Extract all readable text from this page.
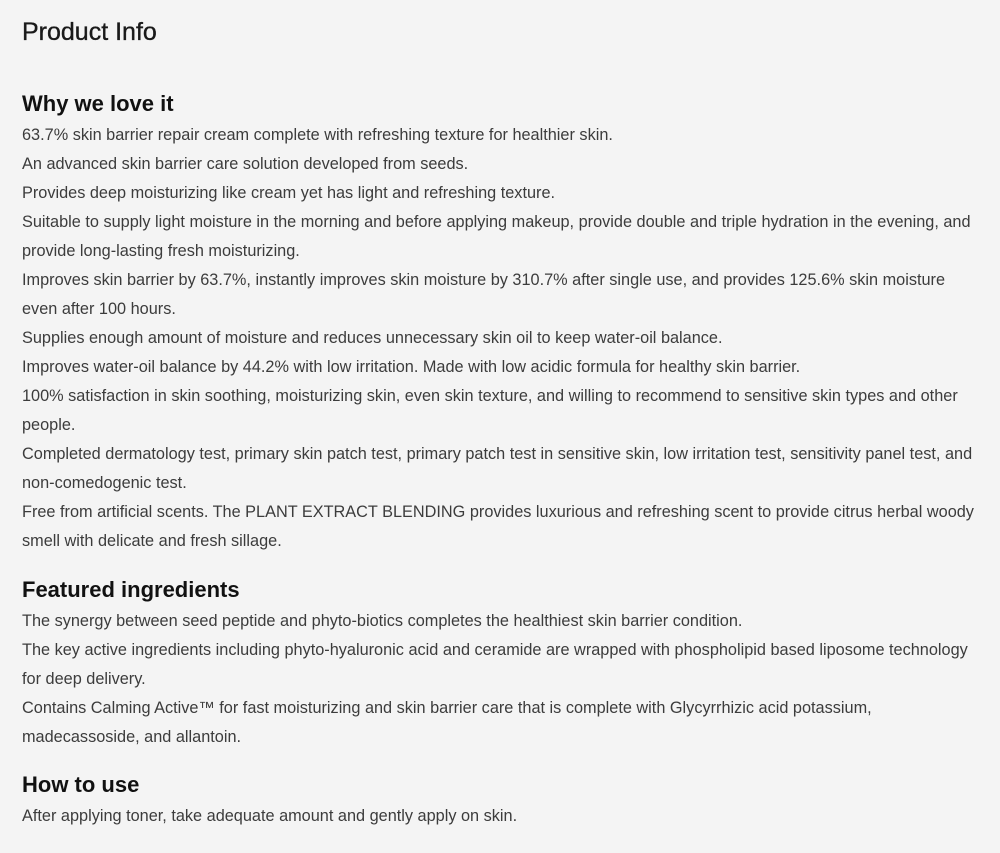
Product Info
Why we love it

63.7% skin barrier repair cream complete with refreshing texture for healthier skin.

An advanced skin barrier care solution developed from seeds.

Provides deep moisturizing like cream yet has light and refreshing texture.

Suitable to supply light moisture in the morning and before applying makeup, provide double and triple hydration in the evening, and provide long-lasting fresh moisturizing.

Improves skin barrier by 63.7%, instantly improves skin moisture by 310.7% after single use, and provides 125.6% skin moisture even after 100 hours.

Supplies enough amount of moisture and reduces unnecessary skin oil to keep water-oil balance.

Improves water-oil balance by 44.2% with low irritation. Made with low acidic formula for healthy skin barrier.

100% satisfaction in skin soothing, moisturizing skin, even skin texture, and willing to recommend to sensitive skin types and other people.

Completed dermatology test, primary skin patch test, primary patch test in sensitive skin, low irritation test, sensitivity panel test, and non-comedogenic test.

Free from artificial scents. The PLANT EXTRACT BLENDING provides luxurious and refreshing scent to provide citrus herbal woody smell with delicate and fresh sillage.

Featured ingredients

The synergy between seed peptide and phyto-biotics completes the healthiest skin barrier condition.

The key active ingredients including phyto-hyaluronic acid and ceramide are wrapped with phospholipid based liposome technology for deep delivery.

Contains Calming Active™ for fast moisturizing and skin barrier care that is complete with Glycyrrhizic acid potassium, madecassoside, and allantoin.

How to use

After applying toner, take adequate amount and gently apply on skin.
